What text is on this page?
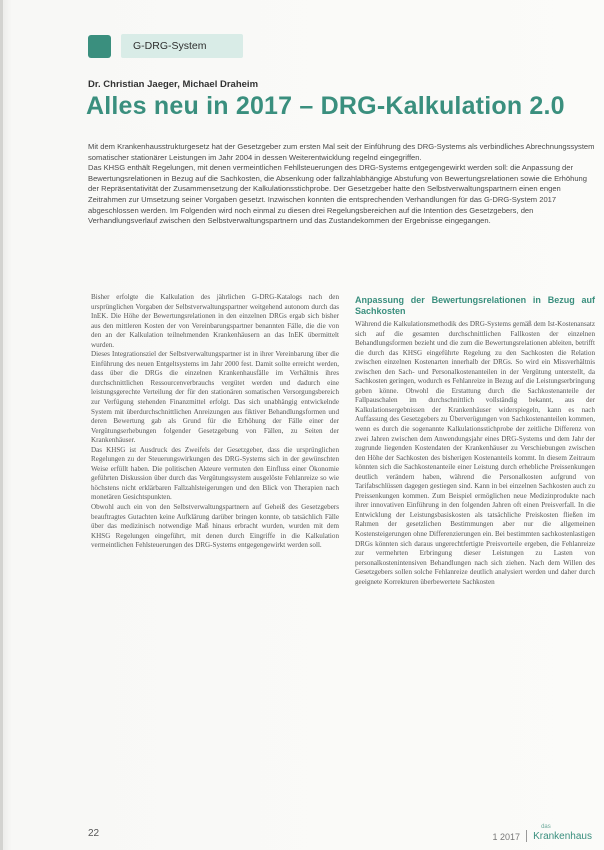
G-DRG-System
Dr. Christian Jaeger, Michael Draheim
Alles neu in 2017 – DRG-Kalkulation 2.0

Mit dem Krankenhausstrukturgesetz hat der Gesetzgeber zum ersten Mal seit der Einführung des DRG-Systems als verbindliches Abrechnungssystem somatischer stationärer Leistungen im Jahr 2004 in dessen Weiterentwicklung regelnd eingegriffen.

Das KHSG enthält Regelungen, mit denen vermeintlichen Fehllsteuerungen des DRG-Systems entgegengewirkt werden soll: die Anpassung der Bewertungsrelationen in Bezug auf die Sachkosten, die Absenkung oder fallzahlabhängige Abstufung von Bewertungsrelationen sowie die Erhöhung der Repräsentativität der Zusammensetzung der Kalkulationsstichprobe. Der Gesetzgeber hatte den Selbstverwaltungspartnern einen engen Zeitrahmen zur Umsetzung seiner Vorgaben gesetzt. Inzwischen konnten die entsprechenden Verhandlungen für das G-DRG-System 2017 abgeschlossen werden. Im Folgenden wird noch einmal zu diesen drei Regelungsbereichen auf die Intention des Gesetzgebers, den Verhandlungsverlauf zwischen den Selbstverwaltungspartnern und das Zustandekommen der Ergebnisse eingegangen.

Bisher erfolgte die Kalkulation des jährlichen G-DRG-Katalogs nach den ursprünglichen Vorgaben der Selbstverwaltungspartner weitgehend autonom durch das InEK. Die Höhe der Bewertungsrelationen in den einzelnen DRGs ergab sich bisher aus den mittleren Kosten der von Vereinbarungspartner benannten Fälle, die die von den an der Kalkulation teilnehmenden Krankenhäusern an das InEK übermittelt wurden.

Dieses Integrationsziel der Selbstverwaltungspartner ist in ihrer Vereinbarung über die Einführung des neuen Entgeltsystems im Jahr 2000 fest. Damit sollte erreicht werden, dass über die DRGs die einzelnen Krankenhausfälle im Verhältnis ihres durchschnittlichen Ressourcenverbrauchs vergütet werden und dadurch eine leistungsgerechte Verteilung der für den stationären somatischen Versorgungsbereich zur Verfügung stehenden Finanzmittel erfolgt. Das sich unabhängig entwickelnde System mit überdurchschnittlichen Anreizungen aus fiktiver Behandlungsformen und deren Bewertung gab als Grund für die Erhöhung der Fälle einer der Vergütungserhebungen folgender Gesetzgebung von Fällen, zu Seiten der Krankenhäuser.

Das KHSG ist Ausdruck des Zweifels der Gesetzgeber, dass die ursprünglichen Regelungen zu der Steuerungswirkungen des DRG-Systems sich in der gewünschten Weise erfüllt haben. Die politischen Akteure vermuten den Einfluss einer Ökonomie geführten Diskussion über durch das Vergütungssystem ausgelöste Fehlanreize so wie höchstens nicht erklärbaren Fallzahlsteigerungen und den Blick von Therapien nach monetären Gesichtspunkten.

Obwohl auch ein von den Selbstverwaltungspartnern auf Geheiß des Gesetzgebers beauftragtes Gutachten keine Aufklärung darüber bringen konnte, ob tatsächlich Fälle über das medizinisch notwendige Maß hinaus erbracht wurden, wurden mit dem KHSG Regelungen eingeführt, mit denen durch Eingriffe in die Kalkulation vermeintlichen Fehlsteuerungen des DRG-Systems entgegengewirkt werden soll.

Anpassung der Bewertungsrelationen in Bezug auf Sachkosten

Während die Kalkulationsmethodik des DRG-Systems gemäß dem Ist-Kostenansatz sich auf die gesamten durchschnittlichen Fallkosten der einzelnen Behandlungsformen bezieht und die zum die Bewertungsrelationen ableiten, betrifft die durch das KHSG eingeführte Regelung zu den Sachkosten die Relation zwischen einzelnen Kostenarten innerhalb der DRGs. So wird ein Missverhältnis zwischen den Sach- und Personalkostenanteilen in der Vergütung unterstellt, da Sachkosten geringen, wodurch es Fehlanreize in Bezug auf die Leistungserbringung geben könne. Obwohl die Erstattung durch die Sachkostenanteile der Fallpauschalen im durchschnittlich vollständig bekannt, aus der Kalkulationsergebnissen der Krankenhäuser widerspiegeln, kann es nach Auffassung des Gesetzgebers zu Überverügungen von Sachkostenanteilen kommen, wenn es durch die sogenannte Kalkulationsstichprobe der zeitliche Differenz von zwei Jahren zwischen dem Anwendungsjahr eines DRG-Systems und dem Jahr der zugrunde liegenden Kostendaten der Krankenhäuser zu Verschiebungen zwischen den Höhe der Sachkosten des bisherigen Kostenanteils kommt. In diesem Zeitraum könnten sich die Sachkostenanteile einer Leistung durch erhebliche Preissenkungen deutlich verändern haben, während die Personalkosten aufgrund von Tarifabschlüssen dagegen gestiegen sind. Kann in bei einzelnen Sachkosten auch zu Preissenkungen kommen. Zum Beispiel ermöglichen neue Medizinprodukte nach ihrer innovativen Einführung in den folgenden Jahren oft einen Preisverfall. In die Entwicklung der Leistungsbasiskosten als tatsächliche Preiskosten fließen im Rahmen der gesetzlichen Bestimmungen aber nur die allgemeinen Kostensteigerungen ohne Differenzierungen ein. Bei bestimmten sachkostenlastigen DRGs könnten sich daraus ungerechtfertigte Preisvorteile ergeben, die Fehlanreize zur vermehrten Erbringung dieser Leistungen zu Lasten von personalkostenintensiven Behandlungen nach sich ziehen. Nach dem Willen des Gesetzgebers sollen solche Fehlanreize deutlich analysiert werden und daher durch geeignete Korrekturen überbewertete Sachkosten

22	1 2017
das
Krankenhaus
